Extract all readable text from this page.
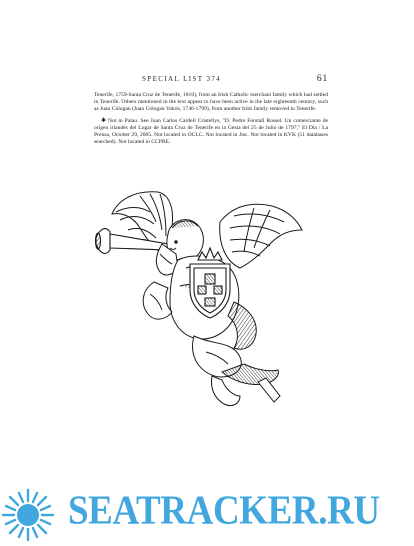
SPECIAL LIST 374	61

Tenerife, 1759-Santa Cruz de Tenerife, 1810), from an Irish Catholic merchant family which had settled in Tenerife. Others mentioned in the text appear to have been active in the late eighteenth century, such as Juan Cólogan (Juan Cólogan Valois, 1746-1799), from another Irish family removed to Tenerife.

✱ Not in Palau. See Juan Carlos Cardell Cristellys, "D. Pedro Forstall Russel. Un comerciante de origen irlandés del Lugar de Santa Cruz de Tenerife en la Gesta del 25 de Julio de 1797," El Día / La Prensa, October 29, 2005. Not located in OCLC. Not located in Jisc. Not located in KVK (51 databases searched). Not located in CCPBE.

SEATRACKER.RU
